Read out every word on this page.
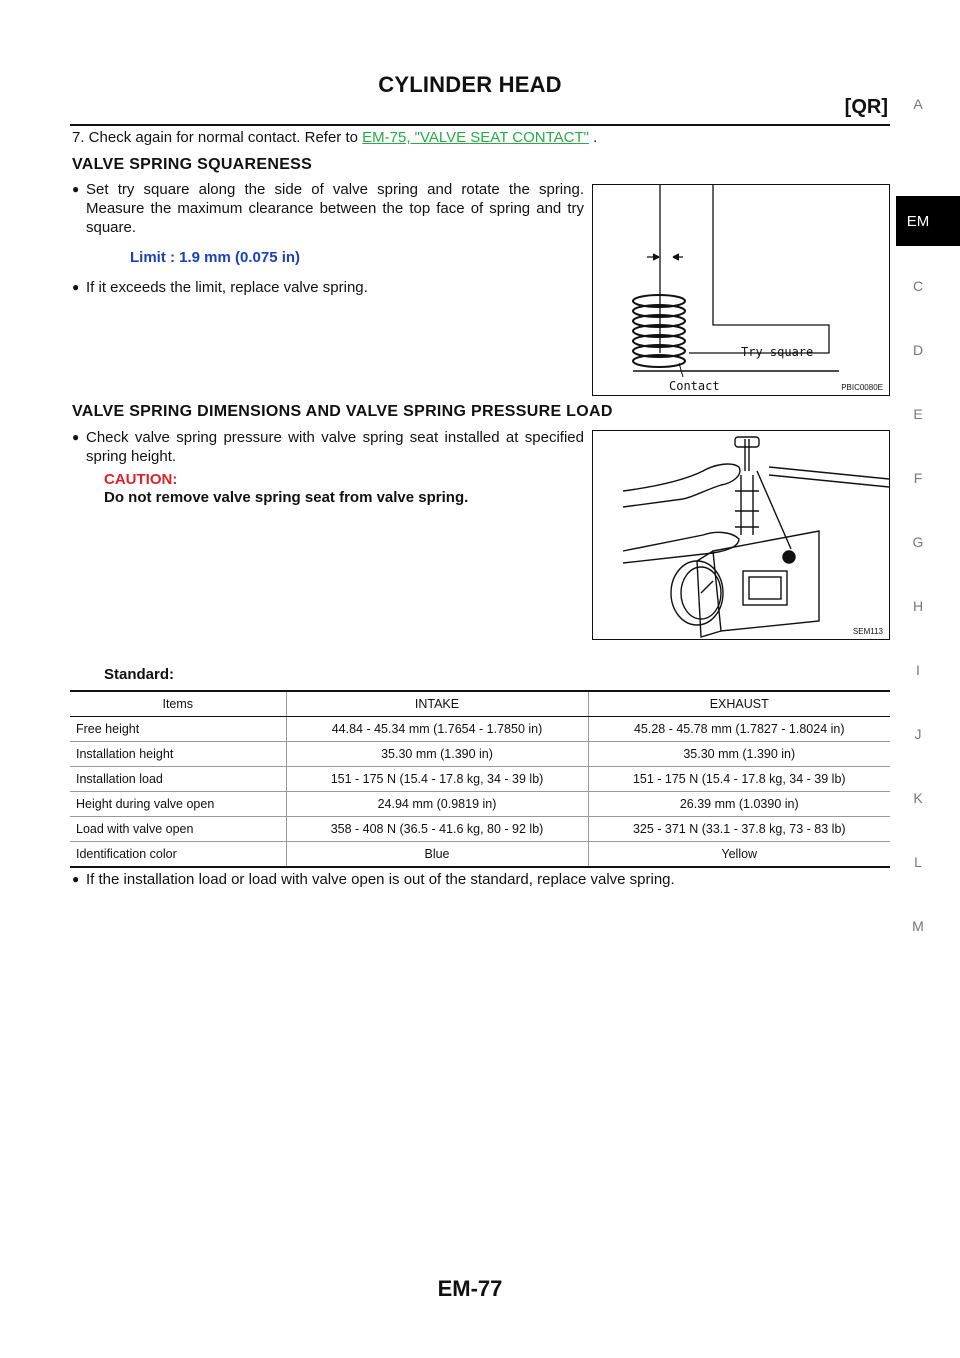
CYLINDER HEAD
[QR]	A
EM
C
D
E
F
G
H
I
J
K
L
M
7. Check again for normal contact. Refer to EM-75, "VALVE SEAT CONTACT" .
VALVE SPRING SQUARENESS
● Set try square along the side of valve spring and rotate the spring. Measure the maximum clearance between the top face of spring and try square.
Limit : 1.9 mm (0.075 in)
● If it exceeds the limit, replace valve spring.
Try square
Contact	PBIC0080E
VALVE SPRING DIMENSIONS AND VALVE SPRING PRESSURE LOAD
● Check valve spring pressure with valve spring seat installed at specified spring height.
CAUTION:
Do not remove valve spring seat from valve spring.
SEM113
Standard:
Items	INTAKE	EXHAUST
Free height	44.84 - 45.34 mm (1.7654 - 1.7850 in)	45.28 - 45.78 mm (1.7827 - 1.8024 in)
Installation height	35.30 mm (1.390 in)	35.30 mm (1.390 in)
Installation load	151 - 175 N (15.4 - 17.8 kg, 34 - 39 lb)	151 - 175 N (15.4 - 17.8 kg, 34 - 39 lb)
Height during valve open	24.94 mm (0.9819 in)	26.39 mm (1.0390 in)
Load with valve open	358 - 408 N (36.5 - 41.6 kg, 80 - 92 lb)	325 - 371 N (33.1 - 37.8 kg, 73 - 83 lb)
Identification color	Blue	Yellow
● If the installation load or load with valve open is out of the standard, replace valve spring.
EM-77
